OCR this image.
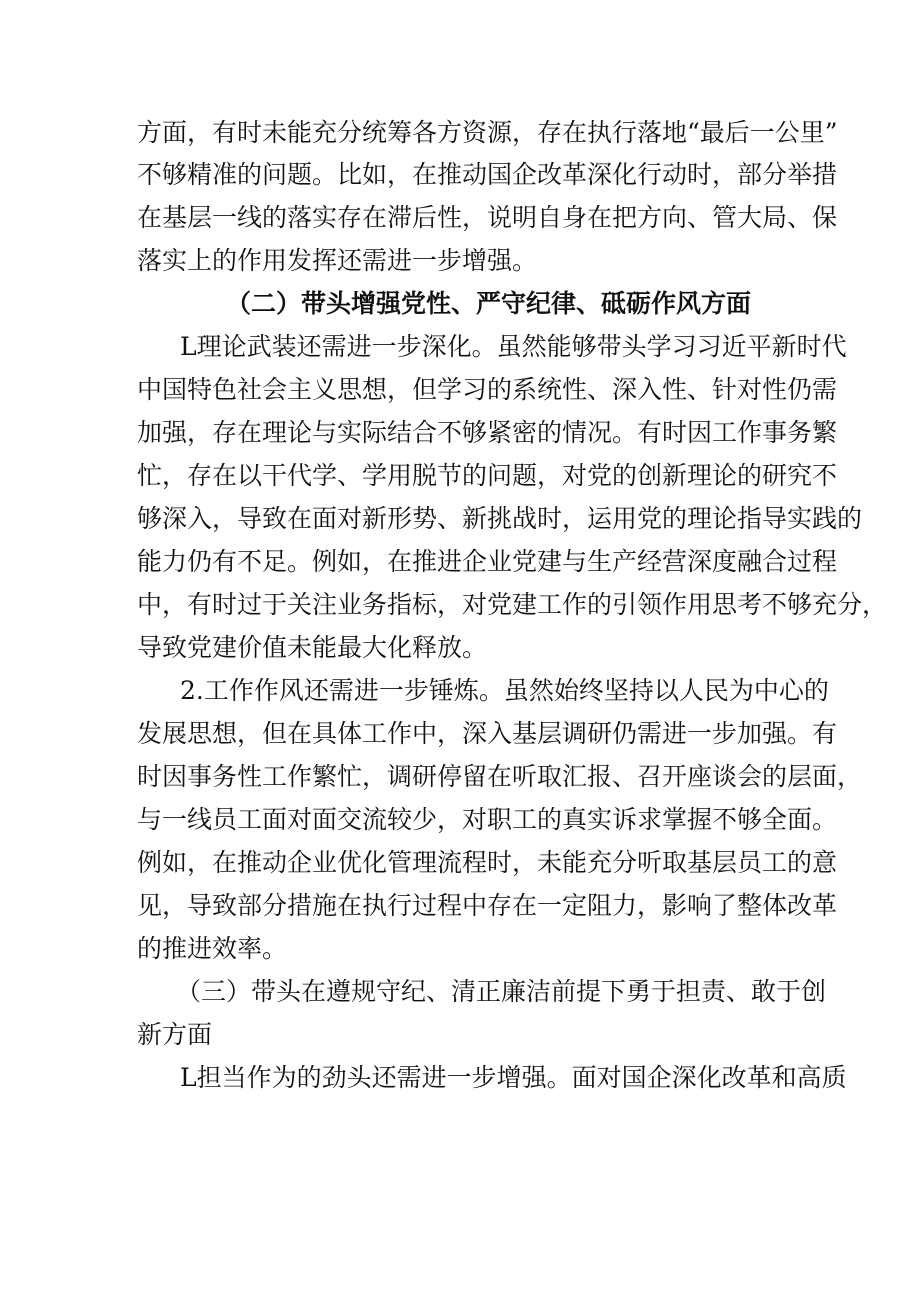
方面，有时未能充分统筹各方资源，存在执行落地“最后一公里”
不够精准的问题。比如，在推动国企改革深化行动时，部分举措
在基层一线的落实存在滞后性，说明自身在把方向、管大局、保
落实上的作用发挥还需进一步增强。
（二）带头增强党性、严守纪律、砥砺作风方面
L理论武装还需进一步深化。虽然能够带头学习习近平新时代
中国特色社会主义思想，但学习的系统性、深入性、针对性仍需
加强，存在理论与实际结合不够紧密的情况。有时因工作事务繁
忙，存在以干代学、学用脱节的问题，对党的创新理论的研究不
够深入，导致在面对新形势、新挑战时，运用党的理论指导实践的
能力仍有不足。例如，在推进企业党建与生产经营深度融合过程
中，有时过于关注业务指标，对党建工作的引领作用思考不够充分，
导致党建价值未能最大化释放。
2.工作作风还需进一步锤炼。虽然始终坚持以人民为中心的
发展思想，但在具体工作中，深入基层调研仍需进一步加强。有
时因事务性工作繁忙，调研停留在听取汇报、召开座谈会的层面，
与一线员工面对面交流较少，对职工的真实诉求掌握不够全面。
例如，在推动企业优化管理流程时，未能充分听取基层员工的意
见，导致部分措施在执行过程中存在一定阻力，影响了整体改革
的推进效率。
（三）带头在遵规守纪、清正廉洁前提下勇于担责、敢于创
新方面
L担当作为的劲头还需进一步增强。面对国企深化改革和高质
